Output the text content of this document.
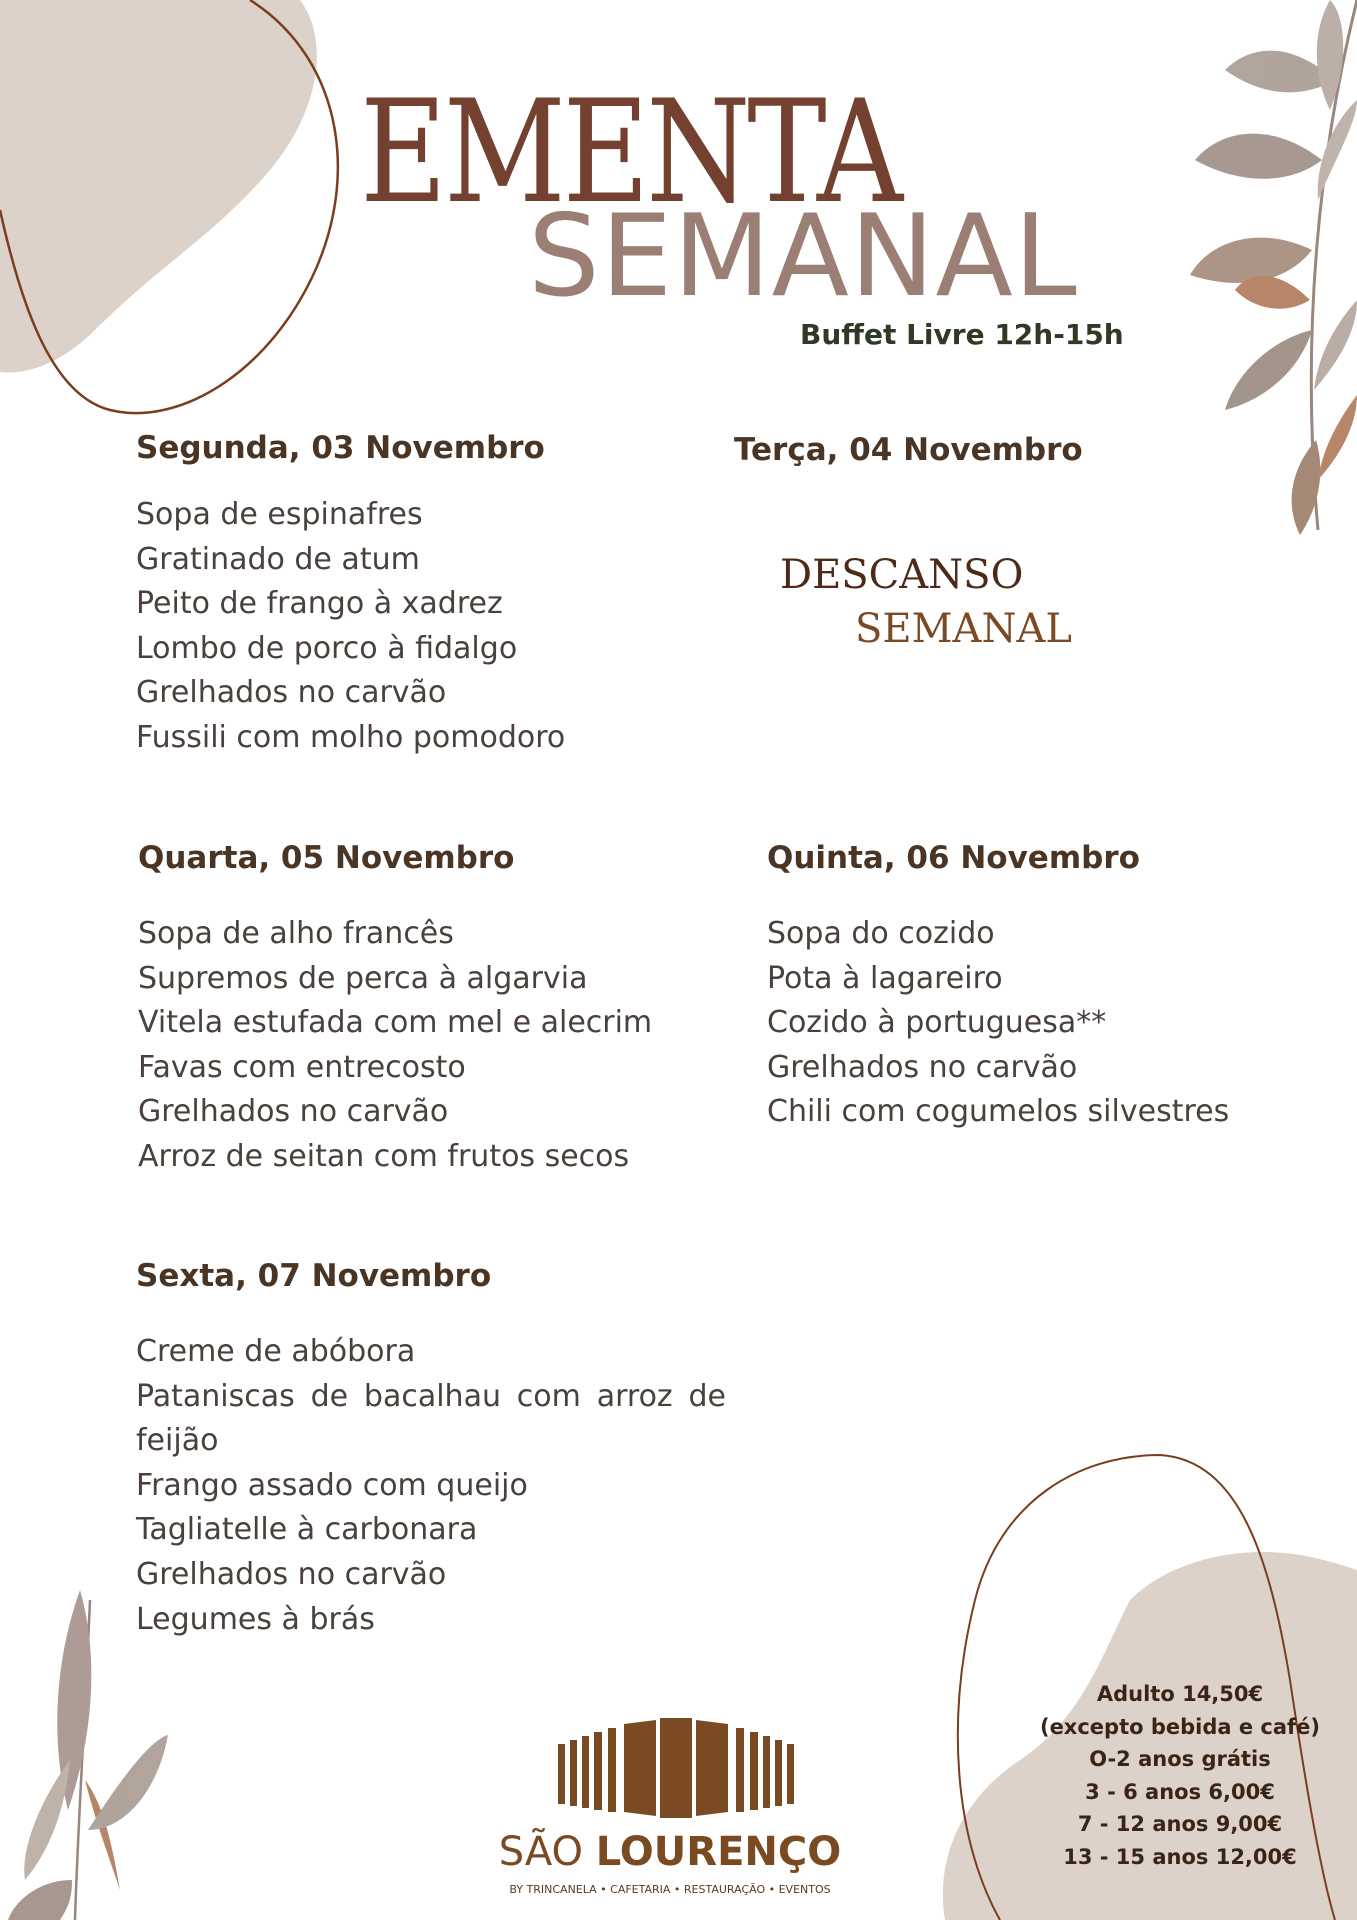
EMENTA
SEMANAL
Buffet Livre 12h-15h
Segunda, 03 Novembro
Sopa de espinafres
Gratinado de atum
Peito de frango à xadrez
Lombo de porco à fidalgo
Grelhados no carvão
Fussili com molho pomodoro
Terça, 04 Novembro
DESCANSO
SEMANAL
Quarta, 05 Novembro
Sopa de alho francês
Supremos de perca à algarvia
Vitela estufada com mel e alecrim
Favas com entrecosto
Grelhados no carvão
Arroz de seitan com frutos secos
Quinta, 06 Novembro
Sopa do cozido
Pota à lagareiro
Cozido à portuguesa**
Grelhados no carvão
Chili com cogumelos silvestres
Sexta, 07 Novembro
Creme de abóbora
Pataniscas de bacalhau com arroz de feijão
Frango assado com queijo
Tagliatelle à carbonara
Grelhados no carvão
Legumes à brás
Adulto 14,50€
(excepto bebida e café)
O-2 anos grátis
3 - 6 anos 6,00€
7 - 12 anos 9,00€
13 - 15 anos 12,00€
SÃO LOURENÇO
BY TRINCANELA • CAFETARIA • RESTAURAÇÃO • EVENTOS
